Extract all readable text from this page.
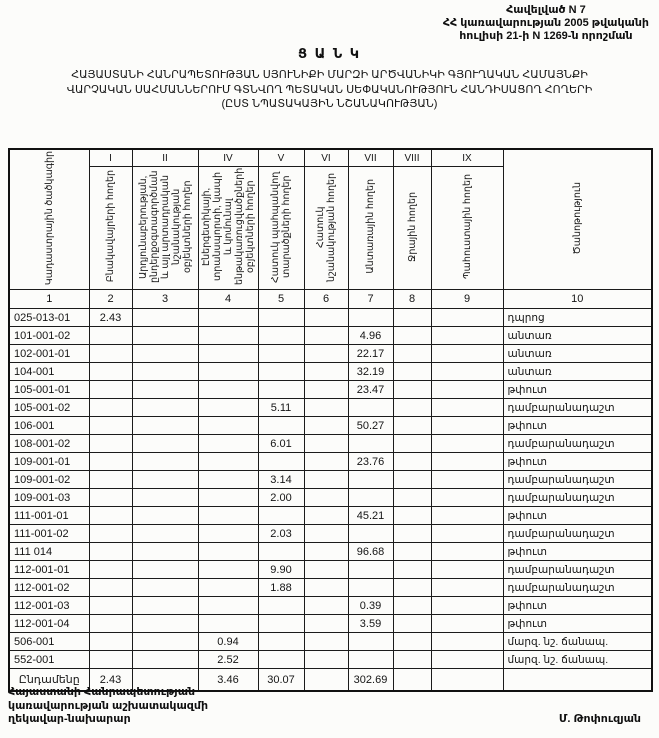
Հավելված N 7
ՀՀ կառավարության 2005 թվականի
հուլիսի 21-ի N 1269-ն որոշման
Ց Ա Ն Կ
ՀԱՅԱՍՏԱՆԻ ՀԱՆՐԱՊԵՏՈՒԹՅԱՆ ՍՅՈՒՆԻՔԻ ՄԱՐԶԻ ԱՐԾՎԱՆԻԿԻ ԳՅՈՒՂԱԿԱՆ ՀԱՄԱՅՆՔԻ
ՎԱՐՉԱԿԱՆ ՍԱՀՄԱՆՆԵՐՈՒՄ ԳՏՆՎՈՂ ՊԵՏԱԿԱՆ ՍԵՓԱԿԱՆՈՒԹՅՈՒՆ ՀԱՆԴԻՍԱՑՈՂ ՀՈՂԵՐԻ
(ԸՍՏ ՆՊԱՏԱԿԱՅԻՆ ՆՇԱՆԱԿՈՒԹՅԱՆ)
Կադաստրային ծածկագիր	I	II	IV	V	VI	VII	VIII	IX	Ծանոթություն
	Բնակավայրերի հողեր	Արդյունաբերության, ընդերքօգտագործման և այլ արտադրական նշանակության օբյեկտների հողեր	Էներգետիկայի, տրանսպորտի, կապի և կոմունալ ենթակառուցվածքների օբյեկտների հողեր	Հատուկ պահպանվող տարածքների հողեր	Հատուկ նշանակության հողեր	Անտառային հողեր	Ջրային հողեր	Պահուստային հողեր	
1	2	3	4	5	6	7	8	9	10
025-013-01	2.43								դպրոց
101-001-02						4.96			անտառ
102-001-01						22.17			անտառ
104-001						32.19			անտառ
105-001-01						23.47			թփուտ
105-001-02				5.11					դամբարանադաշտ
106-001						50.27			թփուտ
108-001-02				6.01					դամբարանադաշտ
109-001-01						23.76			թփուտ
109-001-02				3.14					դամբարանադաշտ
109-001-03				2.00					դամբարանադաշտ
111-001-01						45.21			թփուտ
111-001-02				2.03					դամբարանադաշտ
111 014						96.68			թփուտ
112-001-01				9.90					դամբարանադաշտ
112-001-02				1.88					դամբարանադաշտ
112-001-03						0.39			թփուտ
112-001-04						3.59			թփուտ
506-001			0.94						մարզ. նշ. ճանապ.
552-001			2.52						մարզ. նշ. ճանապ.
Ընդամենը	2.43		3.46	30.07		302.69			
Հայաստանի Հանրապետության
կառավարության աշխատակազմի
ղեկավար-նախարար	Մ. Թոփուզյան
